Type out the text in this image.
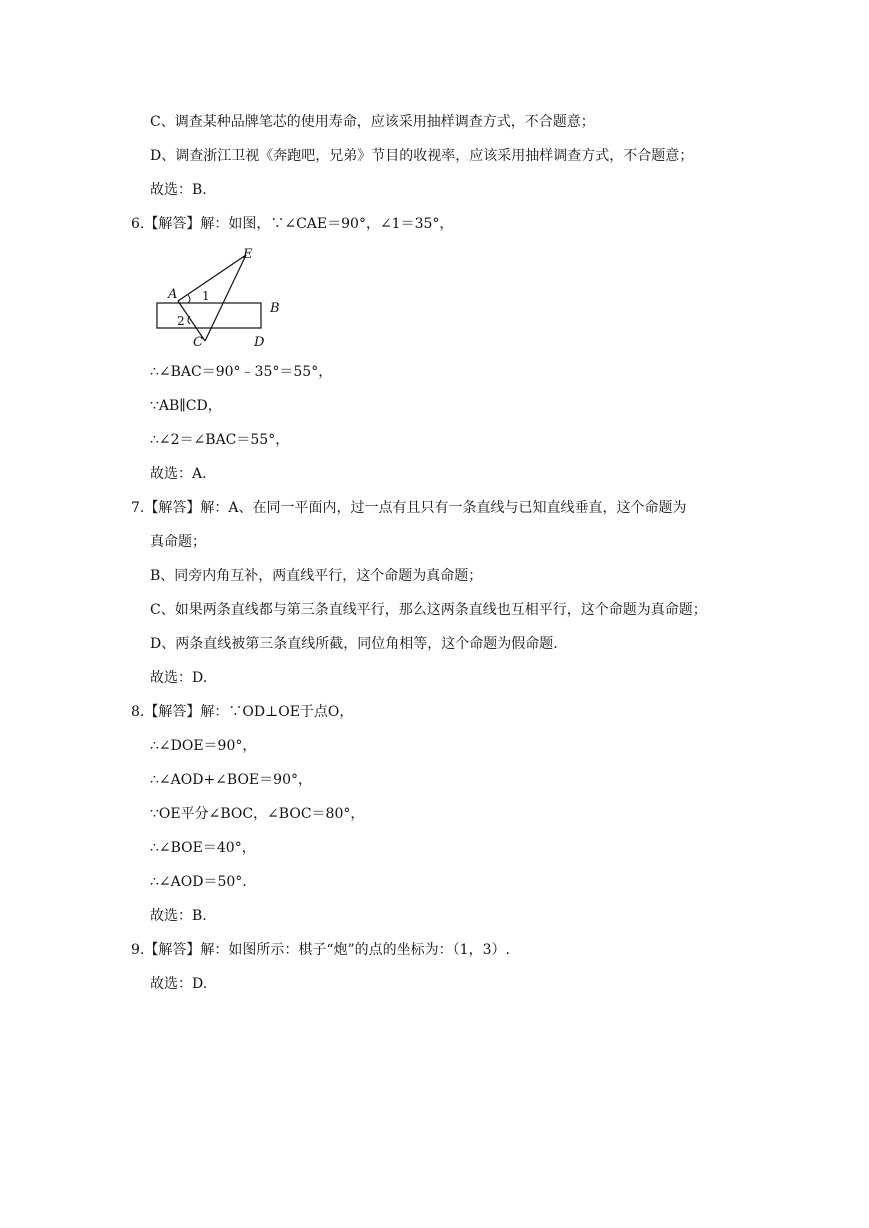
C、调查某种品牌笔芯的使用寿命，应该采用抽样调查方式，不合题意；
D、调查浙江卫视《奔跑吧，兄弟》节目的收视率，应该采用抽样调查方式，不合题意；
故选：B.
6.【解答】解：如图，∵∠CAE＝90°，∠1＝35°，
A
B
C	D
E
1
2
∴∠BAC＝90°﹣35°＝55°，
∵AB∥CD，
∴∠2＝∠BAC＝55°，
故选：A.
7.【解答】解：A、在同一平面内，过一点有且只有一条直线与已知直线垂直，这个命题为
真命题；
B、同旁内角互补，两直线平行，这个命题为真命题；
C、如果两条直线都与第三条直线平行，那么这两条直线也互相平行，这个命题为真命题；
D、两条直线被第三条直线所截，同位角相等，这个命题为假命题.
故选：D.
8.【解答】解：∵OD⊥OE于点O，
∴∠DOE＝90°，
∴∠AOD+∠BOE＝90°，
∵OE平分∠BOC，∠BOC＝80°，
∴∠BOE＝40°，
∴∠AOD＝50°.
故选：B.
9.【解答】解：如图所示：棋子“炮”的点的坐标为：（1，3）.
故选：D.
